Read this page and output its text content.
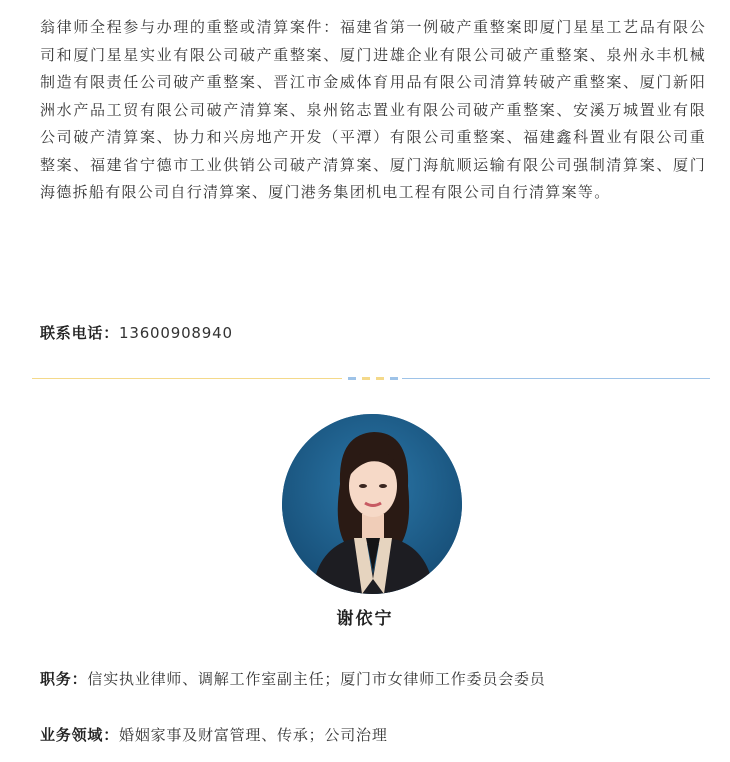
翁律师全程参与办理的重整或清算案件：福建省第一例破产重整案即厦门星星工艺品有限公司和厦门星星实业有限公司破产重整案、厦门进雄企业有限公司破产重整案、泉州永丰机械制造有限责任公司破产重整案、晋江市金威体育用品有限公司清算转破产重整案、厦门新阳洲水产品工贸有限公司破产清算案、泉州铭志置业有限公司破产重整案、安溪万城置业有限公司破产清算案、协力和兴房地产开发（平潭）有限公司重整案、福建鑫科置业有限公司重整案、福建省宁德市工业供销公司破产清算案、厦门海航顺运输有限公司强制清算案、厦门海德拆船有限公司自行清算案、厦门港务集团机电工程有限公司自行清算案等。

联系电话：13600908940
谢依宁
职务：信实执业律师、调解工作室副主任；厦门市女律师工作委员会委员
业务领域：婚姻家事及财富管理、传承；公司治理
